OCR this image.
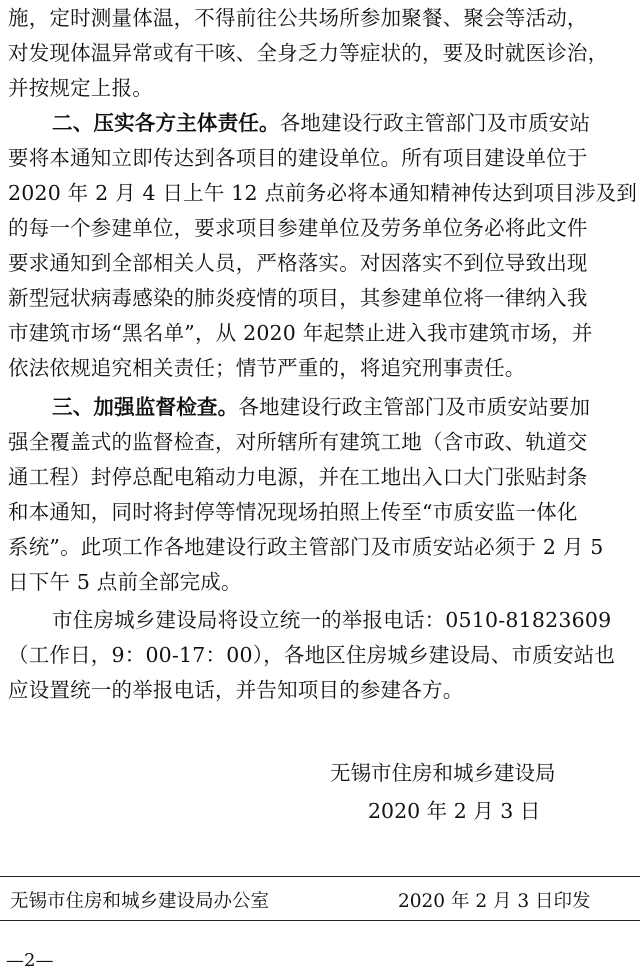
施，定时测量体温，不得前往公共场所参加聚餐、聚会等活动，
对发现体温异常或有干咳、全身乏力等症状的，要及时就医诊治，
并按规定上报。
二、压实各方主体责任。各地建设行政主管部门及市质安站
要将本通知立即传达到各项目的建设单位。所有项目建设单位于
2020 年 2 月 4 日上午 12 点前务必将本通知精神传达到项目涉及到
的每一个参建单位，要求项目参建单位及劳务单位务必将此文件
要求通知到全部相关人员，严格落实。对因落实不到位导致出现
新型冠状病毒感染的肺炎疫情的项目，其参建单位将一律纳入我
市建筑市场“黑名单”，从 2020 年起禁止进入我市建筑市场，并
依法依规追究相关责任；情节严重的，将追究刑事责任。
三、加强监督检查。各地建设行政主管部门及市质安站要加
强全覆盖式的监督检查，对所辖所有建筑工地（含市政、轨道交
通工程）封停总配电箱动力电源，并在工地出入口大门张贴封条
和本通知，同时将封停等情况现场拍照上传至“市质安监一体化
系统”。此项工作各地建设行政主管部门及市质安站必须于 2 月 5
日下午 5 点前全部完成。
市住房城乡建设局将设立统一的举报电话：0510-81823609
（工作日，9：00-17：00），各地区住房城乡建设局、市质安站也
应设置统一的举报电话，并告知项目的参建各方。
无锡市住房和城乡建设局
2020 年 2 月 3 日
无锡市住房和城乡建设局办公室	2020 年 2 月 3 日印发
—2—
